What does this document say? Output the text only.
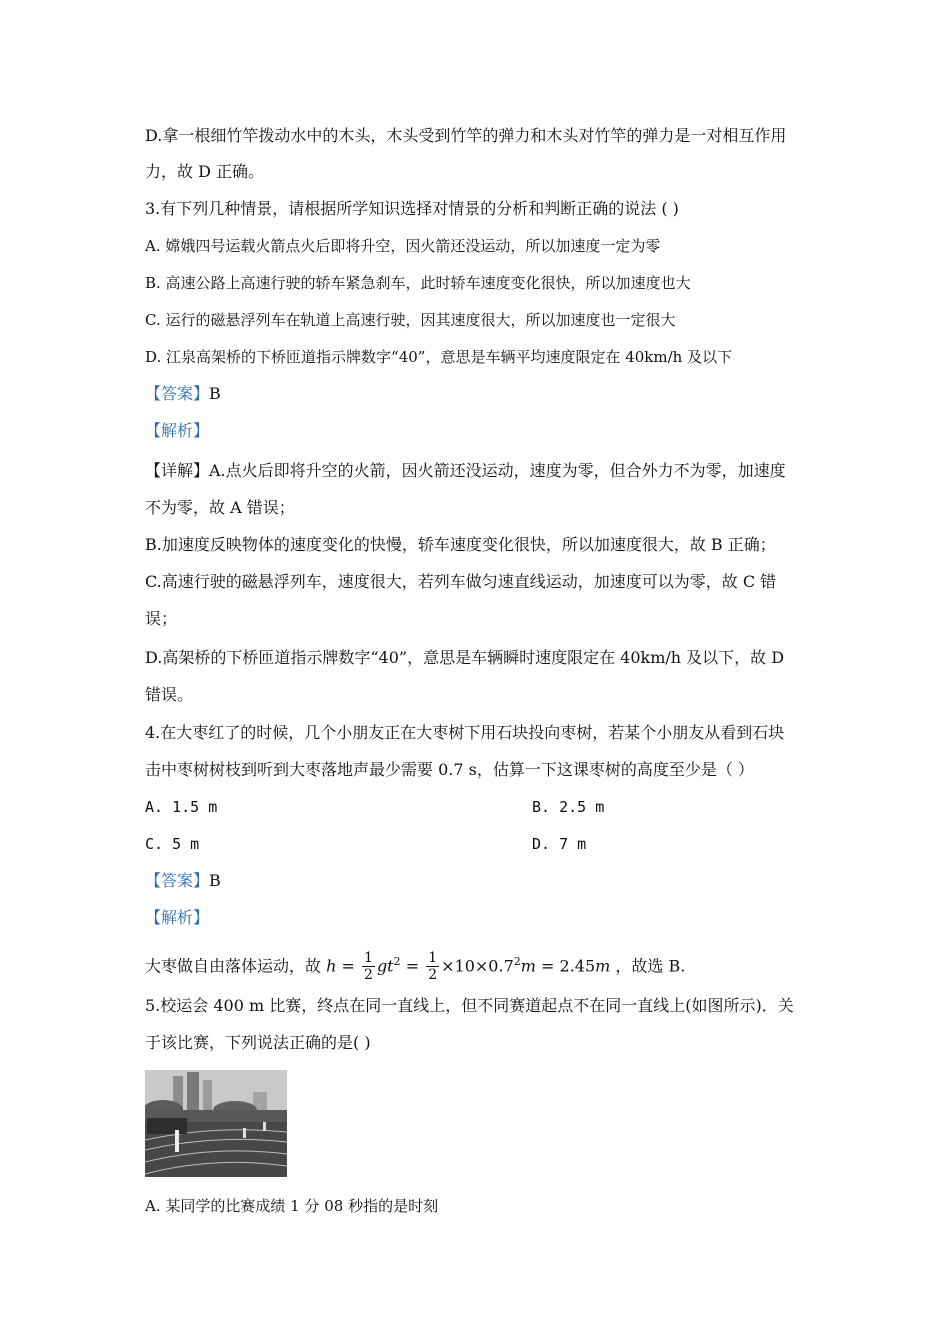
D.拿一根细竹竿拨动水中的木头，木头受到竹竿的弹力和木头对竹竿的弹力是一对相互作用
力，故 D 正确。
3.有下列几种情景，请根据所学知识选择对情景的分析和判断正确的说法 ( )
A. 嫦娥四号运载火箭点火后即将升空，因火箭还没运动，所以加速度一定为零
B. 高速公路上高速行驶的轿车紧急刹车，此时轿车速度变化很快，所以加速度也大
C. 运行的磁悬浮列车在轨道上高速行驶，因其速度很大，所以加速度也一定很大
D. 江泉高架桥的下桥匝道指示牌数字“40”，意思是车辆平均速度限定在 40km/h 及以下
【答案】B
【解析】
【详解】A.点火后即将升空的火箭，因火箭还没运动，速度为零，但合外力不为零，加速度
不为零，故 A 错误；
B.加速度反映物体的速度变化的快慢，轿车速度变化很快，所以加速度很大，故 B 正确；
C.高速行驶的磁悬浮列车，速度很大，若列车做匀速直线运动，加速度可以为零，故 C 错
误；
D.高架桥的下桥匝道指示牌数字“40”，意思是车辆瞬时速度限定在 40km/h 及以下，故 D
错误。
4.在大枣红了的时候，几个小朋友正在大枣树下用石块投向枣树，若某个小朋友从看到石块
击中枣树树枝到听到大枣落地声最少需要 0.7 s，估算一下这课枣树的高度至少是（ ）
A. 1.5 m	B. 2.5 m
C. 5 m	D. 7 m
【答案】B
【解析】
大枣做自由落体运动，故 $h = \frac{1}{2} gt^2 = \frac{1}{2} \times 10\times 0.7^2m = 2.45m$ ，故选 B.
5.校运会 400 m 比赛，终点在同一直线上，但不同赛道起点不在同一直线上(如图所示)．关
于该比赛，下列说法正确的是( )
A. 某同学的比赛成绩 1 分 08 秒指的是时刻
